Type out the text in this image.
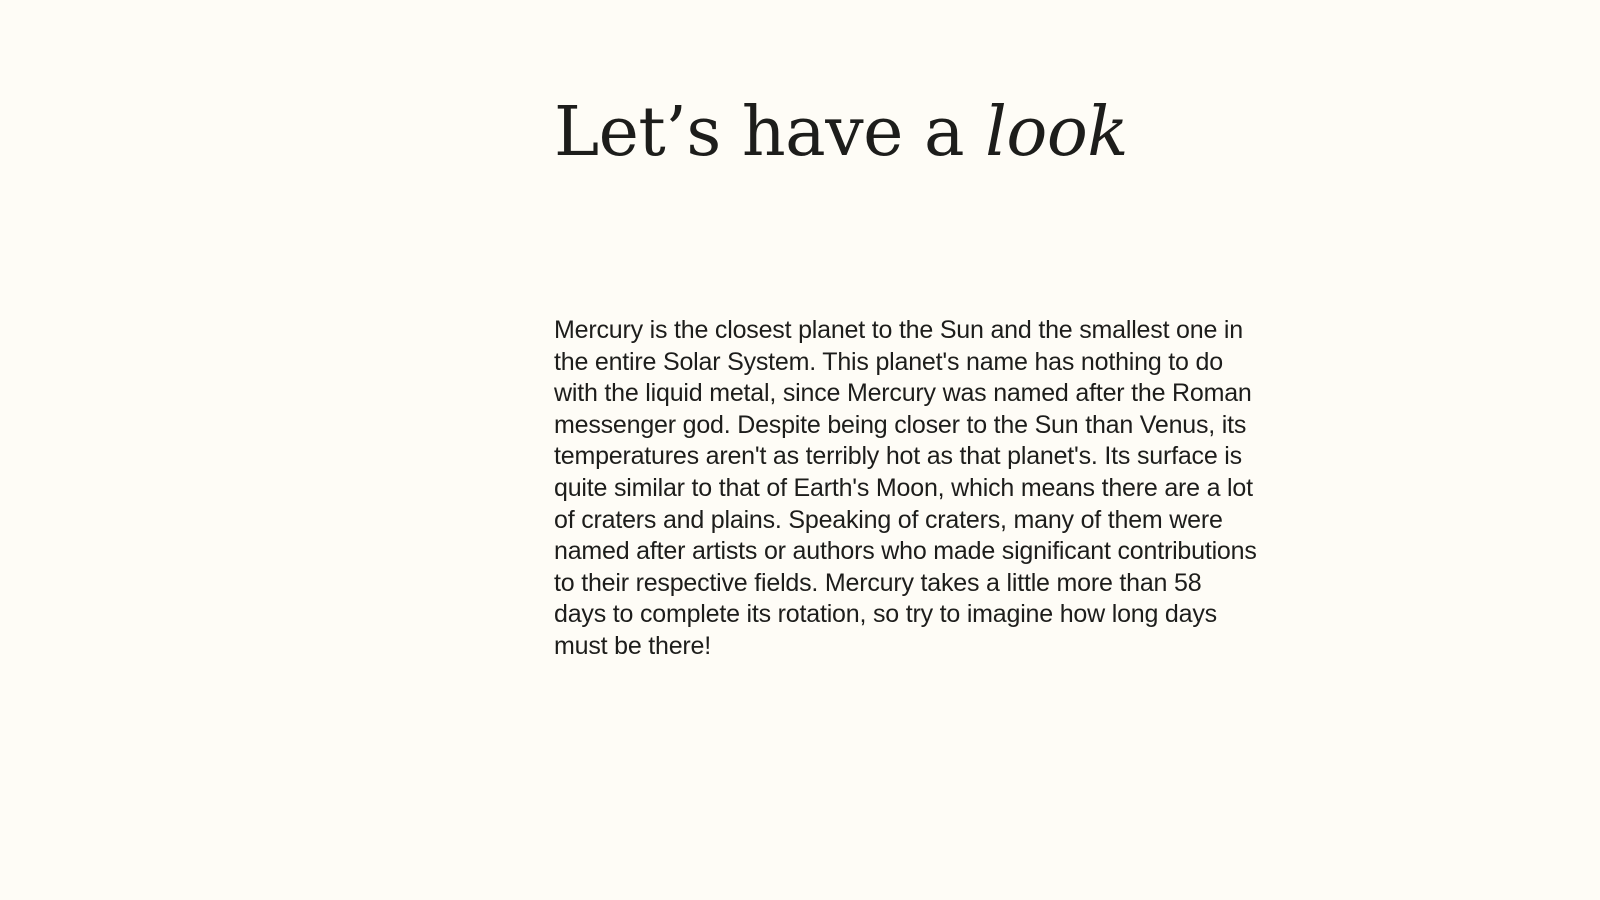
Let’s have a look

Mercury is the closest planet to the Sun and the smallest one in the entire Solar System. This planet's name has nothing to do with the liquid metal, since Mercury was named after the Roman messenger god. Despite being closer to the Sun than Venus, its temperatures aren't as terribly hot as that planet's. Its surface is quite similar to that of Earth's Moon, which means there are a lot of craters and plains. Speaking of craters, many of them were named after artists or authors who made significant contributions to their respective fields. Mercury takes a little more than 58 days to complete its rotation, so try to imagine how long days must be there!
